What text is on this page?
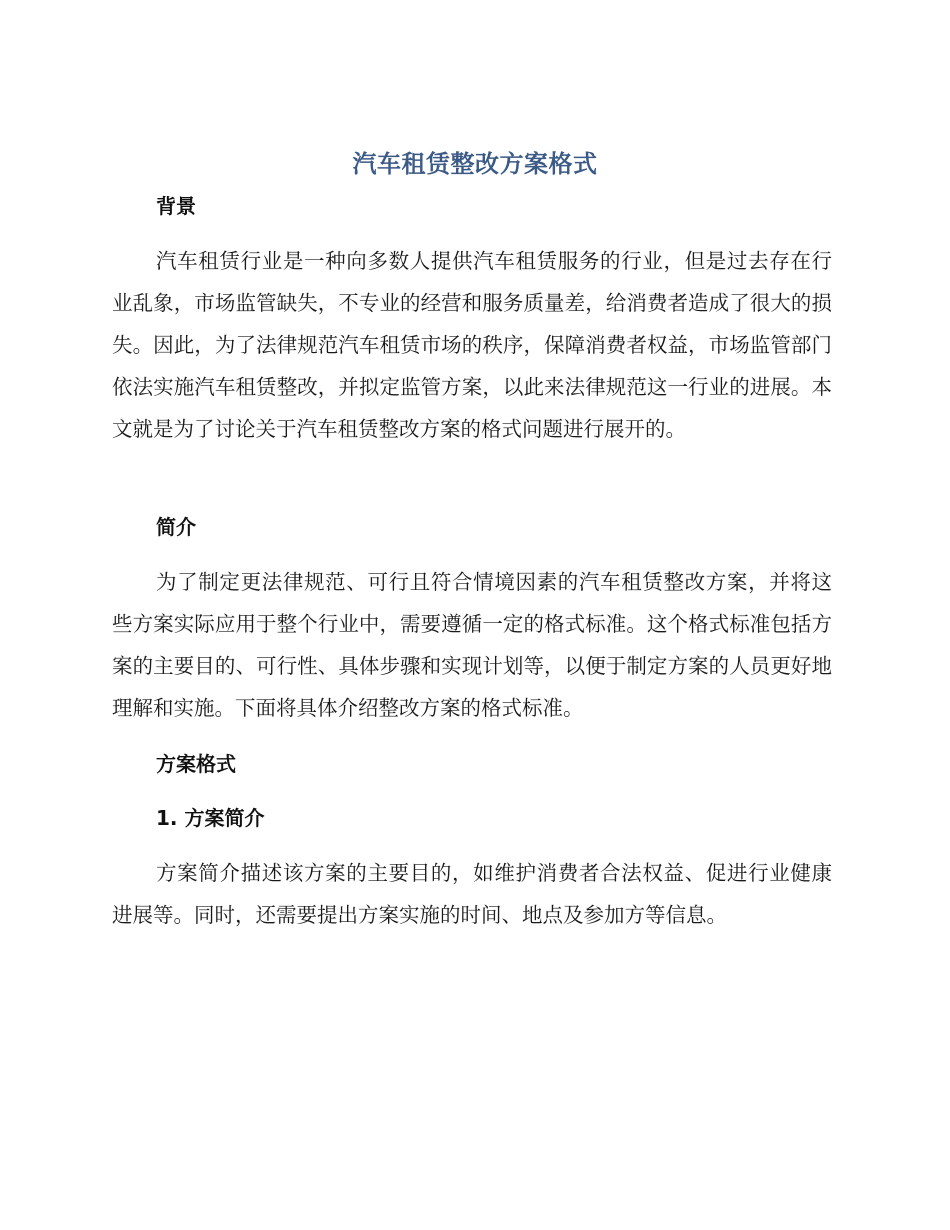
汽车租赁整改方案格式
背景

汽车租赁行业是一种向多数人提供汽车租赁服务的行业，但是过去存在行业乱象，市场监管缺失，不专业的经营和服务质量差，给消费者造成了很大的损失。因此，为了法律规范汽车租赁市场的秩序，保障消费者权益，市场监管部门依法实施汽车租赁整改，并拟定监管方案，以此来法律规范这一行业的进展。本文就是为了讨论关于汽车租赁整改方案的格式问题进行展开的。

简介

为了制定更法律规范、可行且符合情境因素的汽车租赁整改方案，并将这些方案实际应用于整个行业中，需要遵循一定的格式标准。这个格式标准包括方案的主要目的、可行性、具体步骤和实现计划等，以便于制定方案的人员更好地理解和实施。下面将具体介绍整改方案的格式标准。

方案格式
1. 方案简介

方案简介描述该方案的主要目的，如维护消费者合法权益、促进行业健康进展等。同时，还需要提出方案实施的时间、地点及参加方等信息。
